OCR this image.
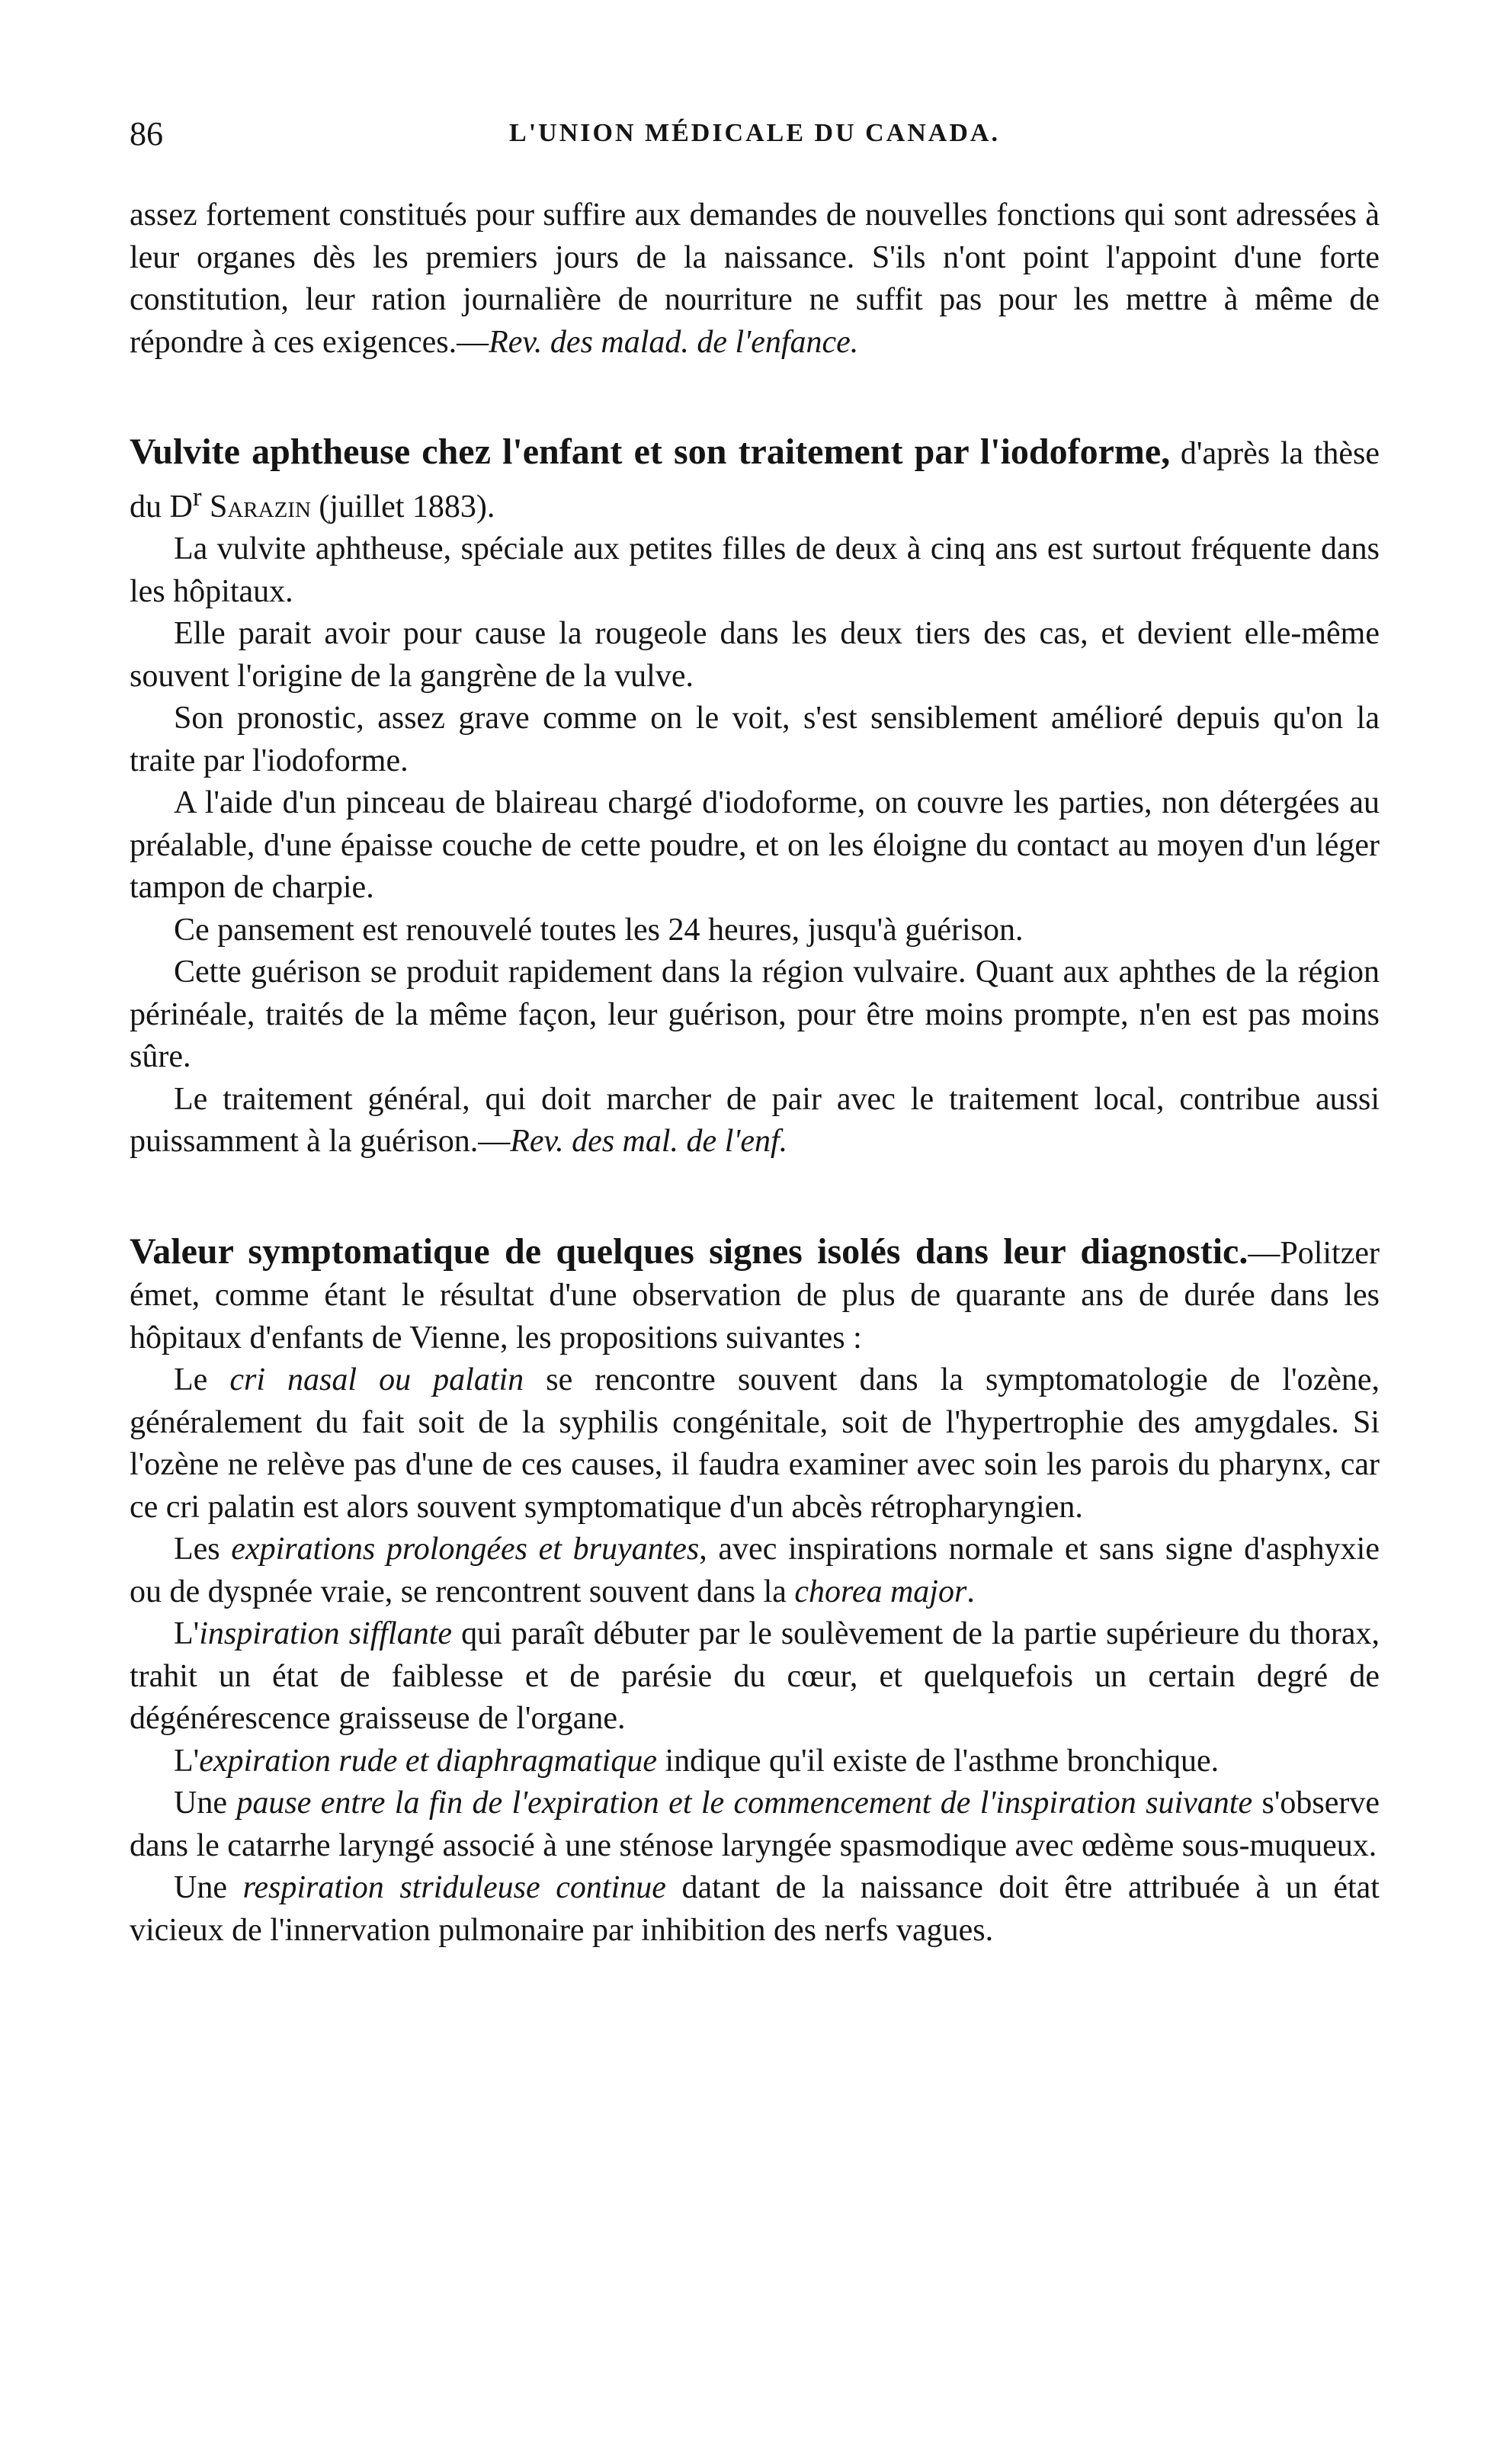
86	L'UNION MÉDICALE DU CANADA.

assez fortement constitués pour suffire aux demandes de nouvelles fonctions qui sont adressées à leur organes dès les premiers jours de la naissance. S'ils n'ont point l'appoint d'une forte constitution, leur ration journalière de nourriture ne suffit pas pour les mettre à même de répondre à ces exigences.—Rev. des malad. de l'enfance.

Vulvite aphtheuse chez l'enfant et son traitement par l'iodoforme, d'après la thèse du $D^r$ Sarazin (juillet 1883).

La vulvite aphtheuse, spéciale aux petites filles de deux à cinq ans est surtout fréquente dans les hôpitaux.

Elle parait avoir pour cause la rougeole dans les deux tiers des cas, et devient elle-même souvent l'origine de la gangrène de la vulve.

Son pronostic, assez grave comme on le voit, s'est sensiblement amélioré depuis qu'on la traite par l'iodoforme.

A l'aide d'un pinceau de blaireau chargé d'iodoforme, on couvre les parties, non détergées au préalable, d'une épaisse couche de cette poudre, et on les éloigne du contact au moyen d'un léger tampon de charpie.

Ce pansement est renouvelé toutes les 24 heures, jusqu'à guérison.

Cette guérison se produit rapidement dans la région vulvaire. Quant aux aphthes de la région périnéale, traités de la même façon, leur guérison, pour être moins prompte, n'en est pas moins sûre.

Le traitement général, qui doit marcher de pair avec le traitement local, contribue aussi puissamment à la guérison.—Rev. des mal. de l'enf.

Valeur symptomatique de quelques signes isolés dans leur diagnostic.—Politzer émet, comme étant le résultat d'une observation de plus de quarante ans de durée dans les hôpitaux d'enfants de Vienne, les propositions suivantes :

Le cri nasal ou palatin se rencontre souvent dans la symptomatologie de l'ozène, généralement du fait soit de la syphilis congénitale, soit de l'hypertrophie des amygdales. Si l'ozène ne relève pas d'une de ces causes, il faudra examiner avec soin les parois du pharynx, car ce cri palatin est alors souvent symptomatique d'un abcès rétropharyngien.

Les expirations prolongées et bruyantes, avec inspirations normale et sans signe d'asphyxie ou de dyspnée vraie, se rencontrent souvent dans la chorea major.

L'inspiration sifflante qui paraît débuter par le soulèvement de la partie supérieure du thorax, trahit un état de faiblesse et de parésie du cœur, et quelquefois un certain degré de dégénérescence graisseuse de l'organe.

L'expiration rude et diaphragmatique indique qu'il existe de l'asthme bronchique.

Une pause entre la fin de l'expiration et le commencement de l'inspiration suivante s'observe dans le catarrhe laryngé associé à une sténose laryngée spasmodique avec œdème sous-muqueux.

Une respiration striduleuse continue datant de la naissance doit être attribuée à un état vicieux de l'innervation pulmonaire par inhibition des nerfs vagues.
